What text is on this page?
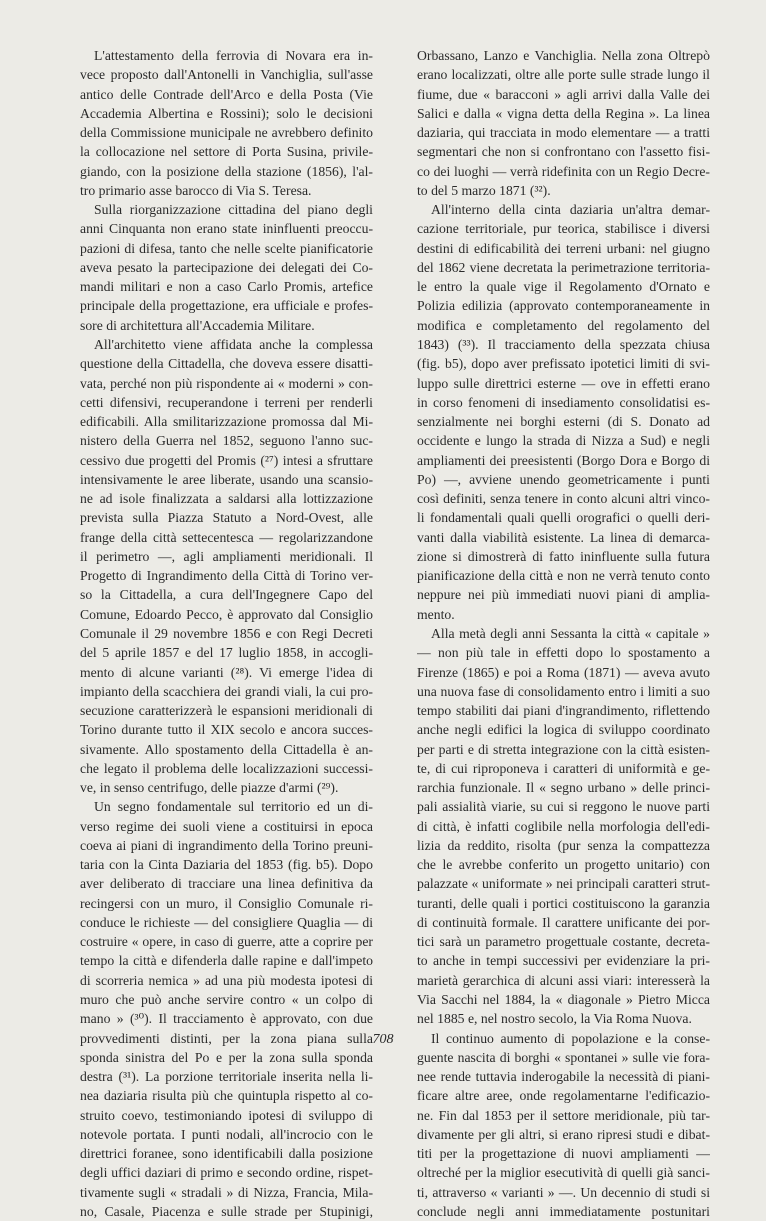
L'attestamento della ferrovia di Novara era in-
vece proposto dall'Antonelli in Vanchiglia, sull'asse
antico delle Contrade dell'Arco e della Posta (Vie
Accademia Albertina e Rossini); solo le decisioni
della Commissione municipale ne avrebbero definito
la collocazione nel settore di Porta Susina, privile-
giando, con la posizione della stazione (1856), l'al-
tro primario asse barocco di Via S. Teresa.
Sulla riorganizzazione cittadina del piano degli
anni Cinquanta non erano state ininfluenti preoccu-
pazioni di difesa, tanto che nelle scelte pianificatorie
aveva pesato la partecipazione dei delegati dei Co-
mandi militari e non a caso Carlo Promis, artefice
principale della progettazione, era ufficiale e profes-
sore di architettura all'Accademia Militare.
All'architetto viene affidata anche la complessa
questione della Cittadella, che doveva essere disatti-
vata, perché non più rispondente ai « moderni » con-
cetti difensivi, recuperandone i terreni per renderli
edificabili. Alla smilitarizzazione promossa dal Mi-
nistero della Guerra nel 1852, seguono l'anno suc-
cessivo due progetti del Promis (²⁷) intesi a sfruttare
intensivamente le aree liberate, usando una scansio-
ne ad isole finalizzata a saldarsi alla lottizzazione
prevista sulla Piazza Statuto a Nord-Ovest, alle
frange della città settecentesca — regolarizzandone
il perimetro —, agli ampliamenti meridionali. Il
Progetto di Ingrandimento della Città di Torino ver-
so la Cittadella, a cura dell'Ingegnere Capo del
Comune, Edoardo Pecco, è approvato dal Consiglio
Comunale il 29 novembre 1856 e con Regi Decreti
del 5 aprile 1857 e del 17 luglio 1858, in accogli-
mento di alcune varianti (²⁸). Vi emerge l'idea di
impianto della scacchiera dei grandi viali, la cui pro-
secuzione caratterizzerà le espansioni meridionali di
Torino durante tutto il XIX secolo e ancora succes-
sivamente. Allo spostamento della Cittadella è an-
che legato il problema delle localizzazioni successi-
ve, in senso centrifugo, delle piazze d'armi (²⁹).
Un segno fondamentale sul territorio ed un di-
verso regime dei suoli viene a costituirsi in epoca
coeva ai piani di ingrandimento della Torino preuni-
taria con la Cinta Daziaria del 1853 (fig. b5). Dopo
aver deliberato di tracciare una linea definitiva da
recingersi con un muro, il Consiglio Comunale ri-
conduce le richieste — del consigliere Quaglia — di
costruire « opere, in caso di guerre, atte a coprire per
tempo la città e difenderla dalle rapine e dall'impeto
di scorreria nemica » ad una più modesta ipotesi di
muro che può anche servire contro « un colpo di
mano » (³⁰). Il tracciamento è approvato, con due
provvedimenti distinti, per la zona piana sulla
sponda sinistra del Po e per la zona sulla sponda
destra (³¹). La porzione territoriale inserita nella li-
nea daziaria risulta più che quintupla rispetto al co-
struito coevo, testimoniando ipotesi di sviluppo di
notevole portata. I punti nodali, all'incrocio con le
direttrici foranee, sono identificabili dalla posizione
degli uffici daziari di primo e secondo ordine, rispet-
tivamente sugli « stradali » di Nizza, Francia, Mila-
no, Casale, Piacenza e sulle strade per Stupinigi,
Orbassano, Lanzo e Vanchiglia. Nella zona Oltrepò
erano localizzati, oltre alle porte sulle strade lungo il
fiume, due « baracconi » agli arrivi dalla Valle dei
Salici e dalla « vigna detta della Regina ». La linea
daziaria, qui tracciata in modo elementare — a tratti
segmentari che non si confrontano con l'assetto fisi-
co dei luoghi — verrà ridefinita con un Regio Decre-
to del 5 marzo 1871 (³²).
All'interno della cinta daziaria un'altra demar-
cazione territoriale, pur teorica, stabilisce i diversi
destini di edificabilità dei terreni urbani: nel giugno
del 1862 viene decretata la perimetrazione territoria-
le entro la quale vige il Regolamento d'Ornato e
Polizia edilizia (approvato contemporaneamente in
modifica e completamento del regolamento del
1843) (³³). Il tracciamento della spezzata chiusa
(fig. b5), dopo aver prefissato ipotetici limiti di svi-
luppo sulle direttrici esterne — ove in effetti erano
in corso fenomeni di insediamento consolidatisi es-
senzialmente nei borghi esterni (di S. Donato ad
occidente e lungo la strada di Nizza a Sud) e negli
ampliamenti dei preesistenti (Borgo Dora e Borgo di
Po) —, avviene unendo geometricamente i punti
così definiti, senza tenere in conto alcuni altri vinco-
li fondamentali quali quelli orografici o quelli deri-
vanti dalla viabilità esistente. La linea di demarca-
zione si dimostrerà di fatto ininfluente sulla futura
pianificazione della città e non ne verrà tenuto conto
neppure nei più immediati nuovi piani di amplia-
mento.
Alla metà degli anni Sessanta la città « capitale »
— non più tale in effetti dopo lo spostamento a
Firenze (1865) e poi a Roma (1871) — aveva avuto
una nuova fase di consolidamento entro i limiti a suo
tempo stabiliti dai piani d'ingrandimento, riflettendo
anche negli edifici la logica di sviluppo coordinato
per parti e di stretta integrazione con la città esisten-
te, di cui riproponeva i caratteri di uniformità e ge-
rarchia funzionale. Il « segno urbano » delle princi-
pali assialità viarie, su cui si reggono le nuove parti
di città, è infatti coglibile nella morfologia dell'edi-
lizia da reddito, risolta (pur senza la compattezza
che le avrebbe conferito un progetto unitario) con
palazzate « uniformate » nei principali caratteri strut-
turanti, delle quali i portici costituiscono la garanzia
di continuità formale. Il carattere unificante dei por-
tici sarà un parametro progettuale costante, decreta-
to anche in tempi successivi per evidenziare la pri-
marietà gerarchica di alcuni assi viari: interesserà la
Via Sacchi nel 1884, la « diagonale » Pietro Micca
nel 1885 e, nel nostro secolo, la Via Roma Nuova.
Il continuo aumento di popolazione e la conse-
guente nascita di borghi « spontanei » sulle vie fora-
nee rende tuttavia inderogabile la necessità di piani-
ficare altre aree, onde regolamentarne l'edificazio-
ne. Fin dal 1853 per il settore meridionale, più tar-
divamente per gli altri, si erano ripresi studi e dibat-
titi per la progettazione di nuovi ampliamenti —
oltreché per la miglior esecutività di quelli già sanci-
ti, attraverso « varianti » —. Un decennio di studi si
conclude negli anni immediatamente postunitari
708
